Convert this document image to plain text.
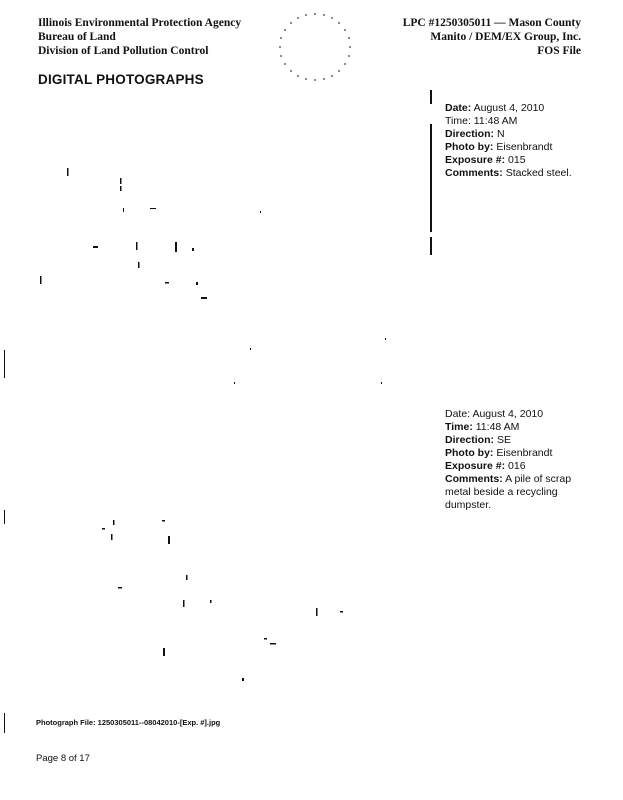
Illinois Environmental Protection Agency
Bureau of Land
Division of Land Pollution Control
LPC #1250305011 — Mason County
Manito / DEM/EX Group, Inc.
FOS File
DIGITAL PHOTOGRAPHS
Date: August 4, 2010
Time: 11:48 AM
Direction: N
Photo by: Eisenbrandt
Exposure #: 015
Comments: Stacked steel.
Date: August 4, 2010
Time: 11:48 AM
Direction: SE
Photo by: Eisenbrandt
Exposure #: 016
Comments: A pile of scrap
metal beside a recycling
dumpster.
Photograph File: 1250305011--08042010-[Exp. #].jpg
Page 8 of 17
